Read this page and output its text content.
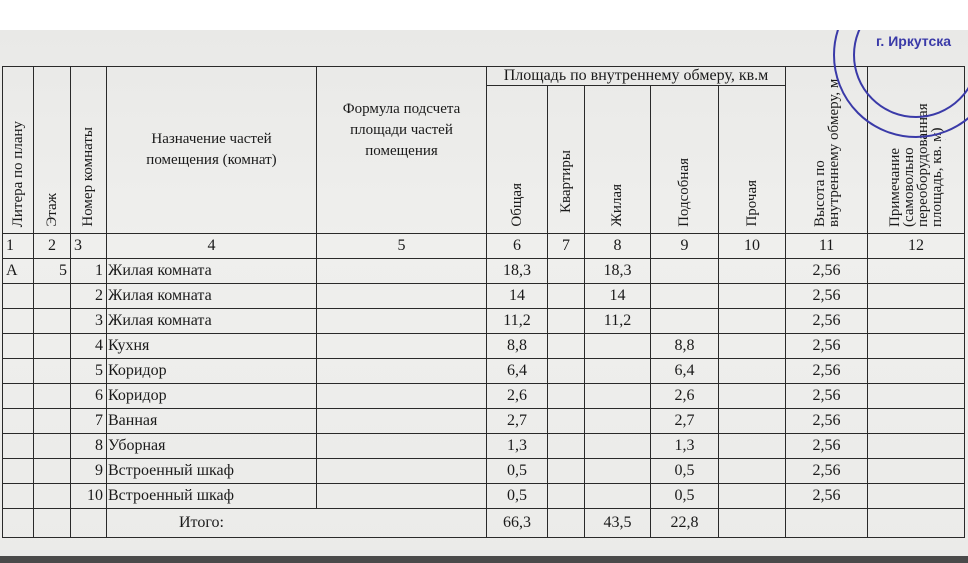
Литера по плану	Этаж	Номер комнаты	Назначение частей помещения (комнат)	Формула подсчета площади частей помещения	Площадь по внутреннему обмеру, кв.м					Высота по внутреннему обмеру, м	Примечание (самовольно переоборудованная площадь, кв. м)

					Общая	Квартиры	Жилая	Подсобная	Прочая		

1	2	3	4	5	6	7	8	9	10	11	12
А	5	1	Жилая комната		18,3		18,3			2,56	
		2	Жилая комната		14		14			2,56	
		3	Жилая комната		11,2		11,2			2,56	
		4	Кухня		8,8			8,8		2,56	
		5	Коридор		6,4			6,4		2,56	
		6	Коридор		2,6			2,6		2,56	
		7	Ванная		2,7			2,7		2,56	
		8	Уборная		1,3			1,3		2,56	
		9	Встроенный шкаф		0,5			0,5		2,56	
		10	Встроенный шкаф		0,5			0,5		2,56	
			Итого:		66,3		43,5	22,8			
г. Иркутска
